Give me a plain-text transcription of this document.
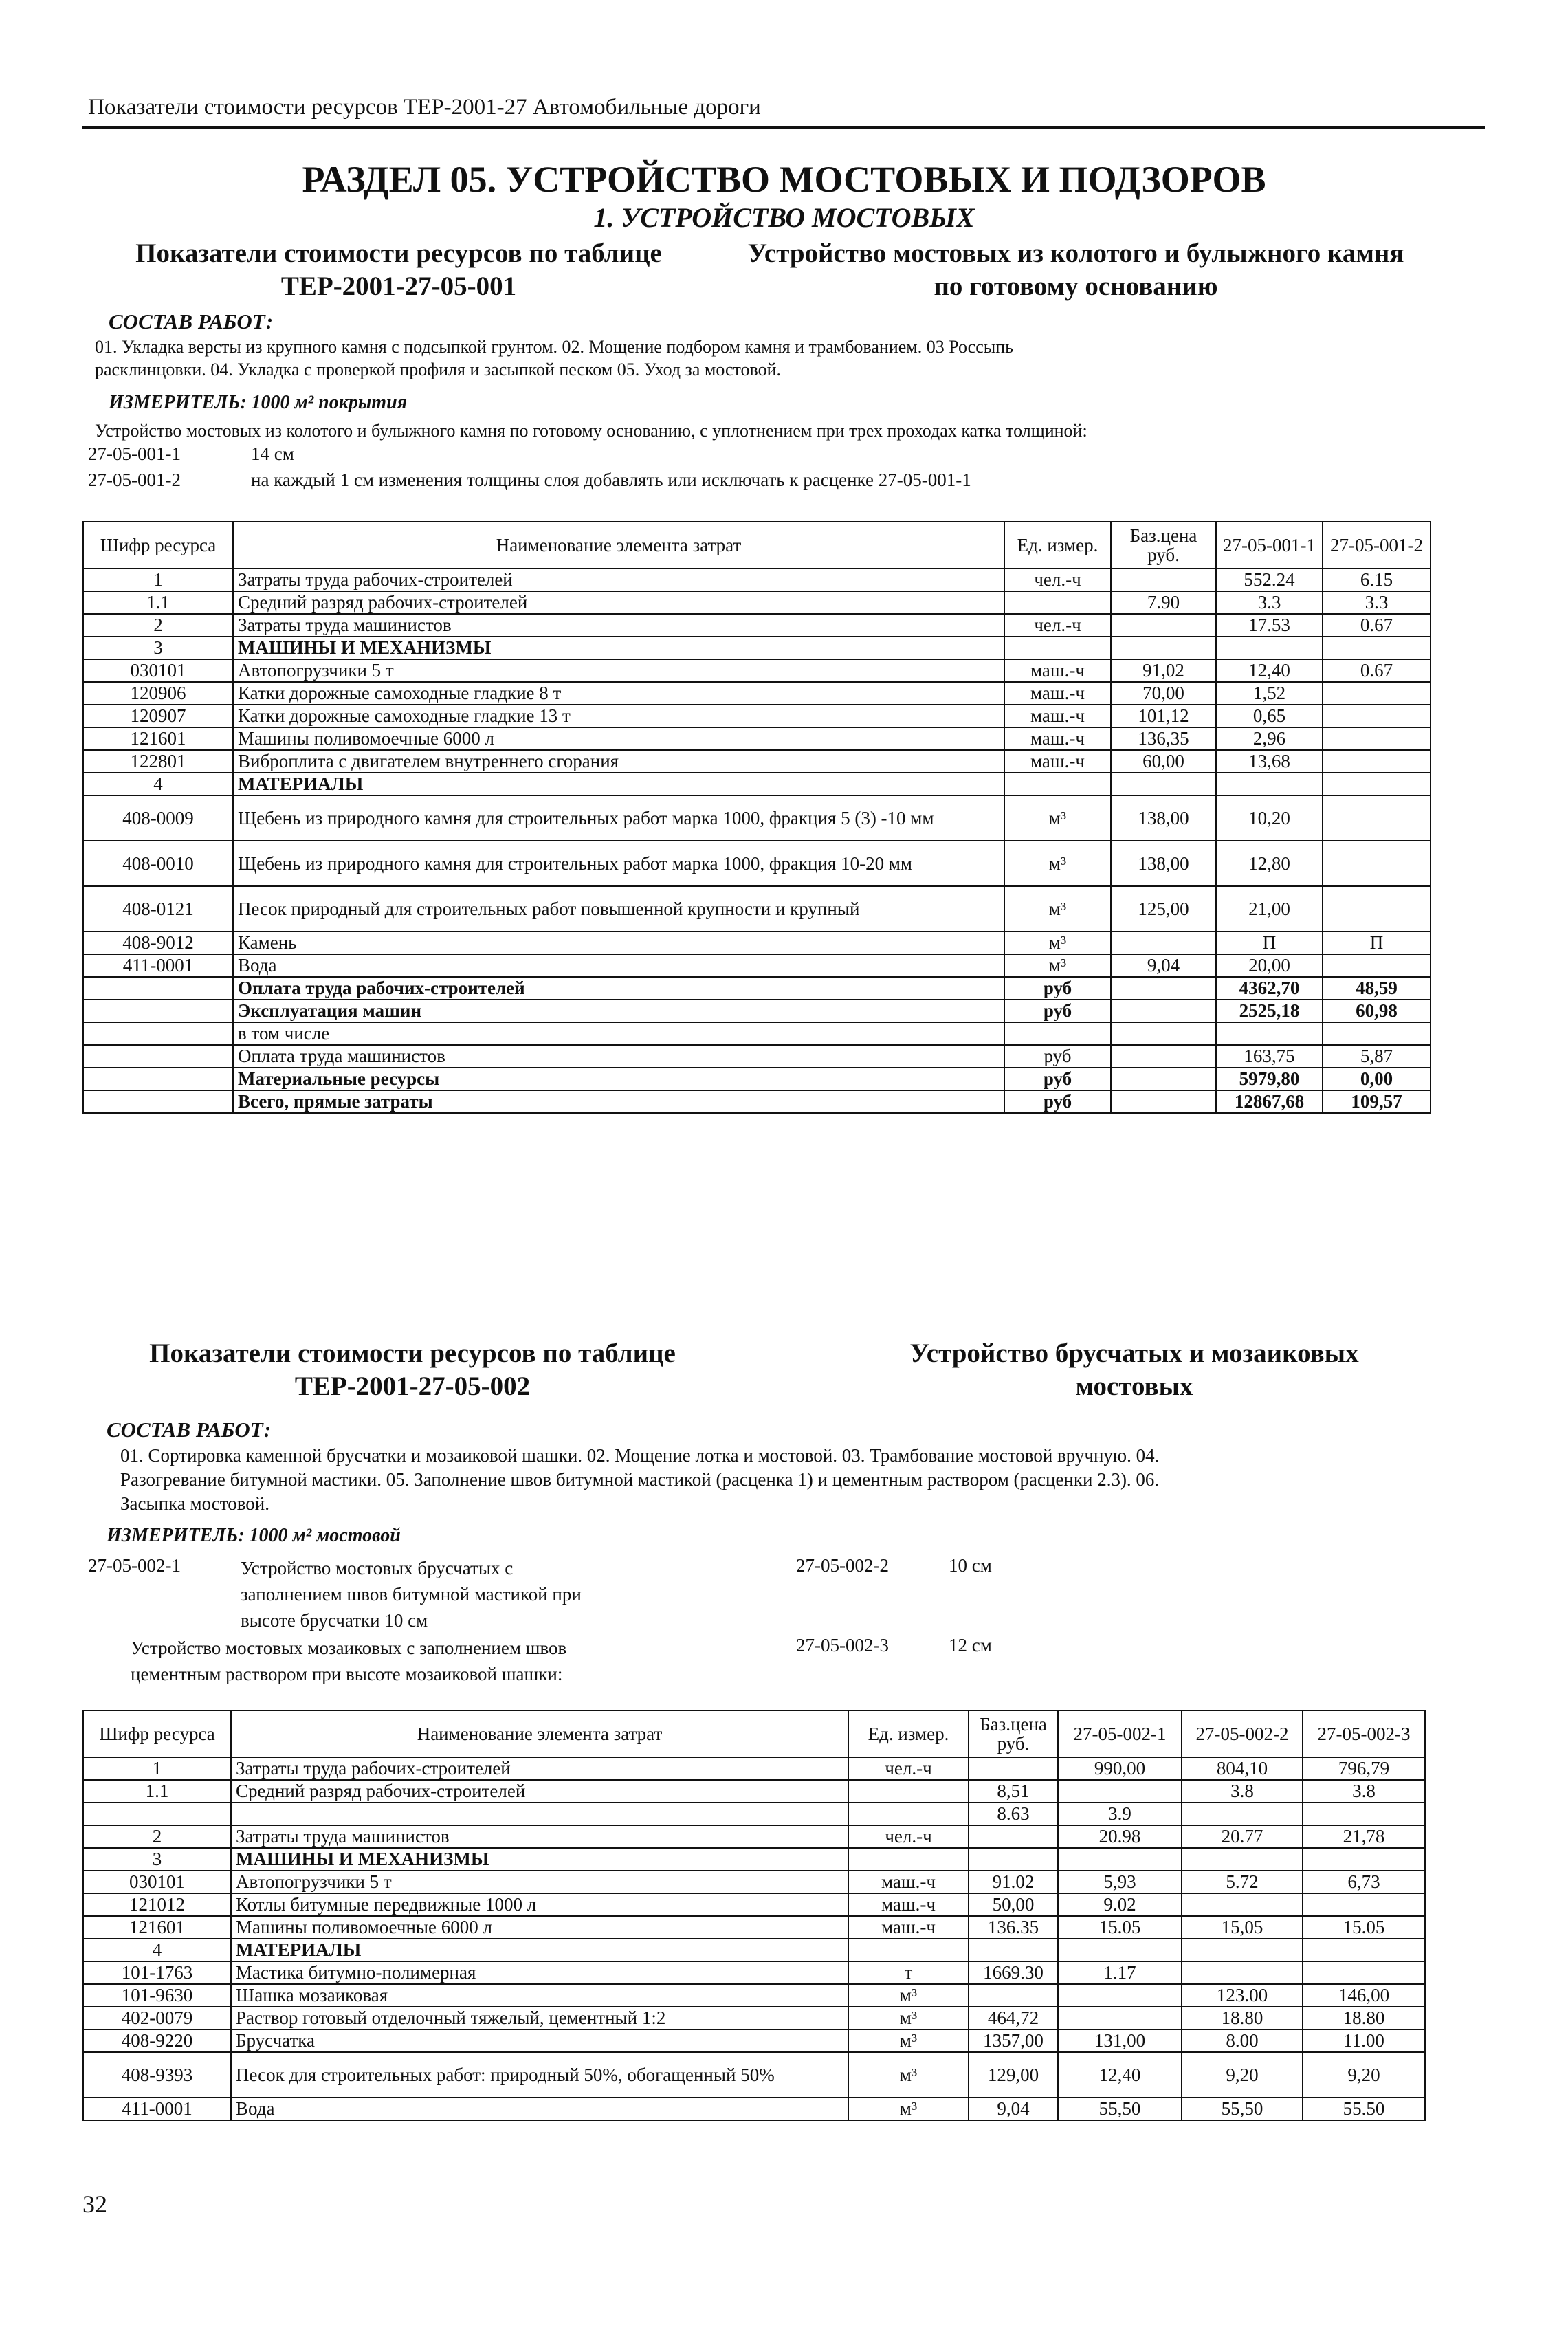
Показатели стоимости ресурсов ТЕР-2001-27 Автомобильные дороги
РАЗДЕЛ 05. УСТРОЙСТВО МОСТОВЫХ И ПОДЗОРОВ
1. УСТРОЙСТВО МОСТОВЫХ
Показатели стоимости ресурсов по таблице
ТЕР-2001-27-05-001
Устройство мостовых из колотого и булыжного камня
по готовому основанию
СОСТАВ РАБОТ:
01. Укладка версты из крупного камня с подсыпкой грунтом. 02. Мощение подбором камня и трамбованием. 03 Россыпь
расклинцовки. 04. Укладка с проверкой профиля и засыпкой песком 05. Уход за мостовой.
ИЗМЕРИТЕЛЬ: 1000 м² покрытия
Устройство мостовых из колотого и булыжного камня по готовому основанию, с уплотнением при трех проходах катка толщиной:
27-05-001-1	14 см
27-05-001-2	на каждый 1 см изменения толщины слоя добавлять или исключать к расценке 27-05-001-1
Шифр ресурса	Наименование элемента затрат	Ед. измер.	Баз.цена руб.	27-05-001-1	27-05-001-2
1	Затраты труда рабочих-строителей	чел.-ч		552.24	6.15
1.1	Средний разряд рабочих-строителей		7.90	3.3	3.3
2	Затраты труда машинистов	чел.-ч		17.53	0.67
3	МАШИНЫ И МЕХАНИЗМЫ				
030101	Автопогрузчики 5 т	маш.-ч	91,02	12,40	0.67
120906	Катки дорожные самоходные гладкие 8 т	маш.-ч	70,00	1,52	
120907	Катки дорожные самоходные гладкие 13 т	маш.-ч	101,12	0,65	
121601	Машины поливомоечные 6000 л	маш.-ч	136,35	2,96	
122801	Виброплита с двигателем внутреннего сгорания	маш.-ч	60,00	13,68	
4	МАТЕРИАЛЫ				
408-0009	Щебень из природного камня для строительных работ марка 1000, фракция 5 (3) -10 мм	м³	138,00	10,20	
408-0010	Щебень из природного камня для строительных работ марка 1000, фракция 10-20 мм	м³	138,00	12,80	
408-0121	Песок природный для строительных работ повышенной крупности и крупный	м³	125,00	21,00	
408-9012	Камень	м³		П	П
411-0001	Вода	м³	9,04	20,00	
	Оплата труда рабочих-строителей	руб		4362,70	48,59
	Эксплуатация машин	руб		2525,18	60,98
	в том числе				
	Оплата труда машинистов	руб		163,75	5,87
	Материальные ресурсы	руб		5979,80	0,00
	Всего, прямые затраты	руб		12867,68	109,57
Показатели стоимости ресурсов по таблице
ТЕР-2001-27-05-002
Устройство брусчатых и мозаиковых
мостовых
СОСТАВ РАБОТ:
01. Сортировка каменной брусчатки и мозаиковой шашки. 02. Мощение лотка и мостовой. 03. Трамбование мостовой вручную. 04.
Разогревание битумной мастики. 05. Заполнение швов битумной мастикой (расценка 1) и цементным раствором (расценки 2.3). 06.
Засыпка мостовой.
ИЗМЕРИТЕЛЬ: 1000 м² мостовой
27-05-002-1	Устройство мостовых брусчатых с
заполнением швов битумной мастикой при
высоте брусчатки 10 см
27-05-002-2	10 см
Устройство мостовых мозаиковых с заполнением швов
цементным раствором при высоте мозаиковой шашки:
27-05-002-3	12 см
Шифр ресурса	Наименование элемента затрат	Ед. измер.	Баз.цена руб.	27-05-002-1	27-05-002-2	27-05-002-3
1	Затраты труда рабочих-строителей	чел.-ч		990,00	804,10	796,79
1.1	Средний разряд рабочих-строителей		8,51		3.8	3.8
			8.63	3.9		
2	Затраты труда машинистов	чел.-ч		20.98	20.77	21,78
3	МАШИНЫ И МЕХАНИЗМЫ					
030101	Автопогрузчики 5 т	маш.-ч	91.02	5,93	5.72	6,73
121012	Котлы битумные передвижные 1000 л	маш.-ч	50,00	9.02		
121601	Машины поливомоечные 6000 л	маш.-ч	136.35	15.05	15,05	15.05
4	МАТЕРИАЛЫ					
101-1763	Мастика битумно-полимерная	т	1669.30	1.17		
101-9630	Шашка мозаиковая	м³			123.00	146,00
402-0079	Раствор готовый отделочный тяжелый, цементный 1:2	м³	464,72		18.80	18.80
408-9220	Брусчатка	м³	1357,00	131,00	8.00	11.00
408-9393	Песок для строительных работ: природный 50%, обогащенный 50%	м³	129,00	12,40	9,20	9,20
411-0001	Вода	м³	9,04	55,50	55,50	55.50
32
